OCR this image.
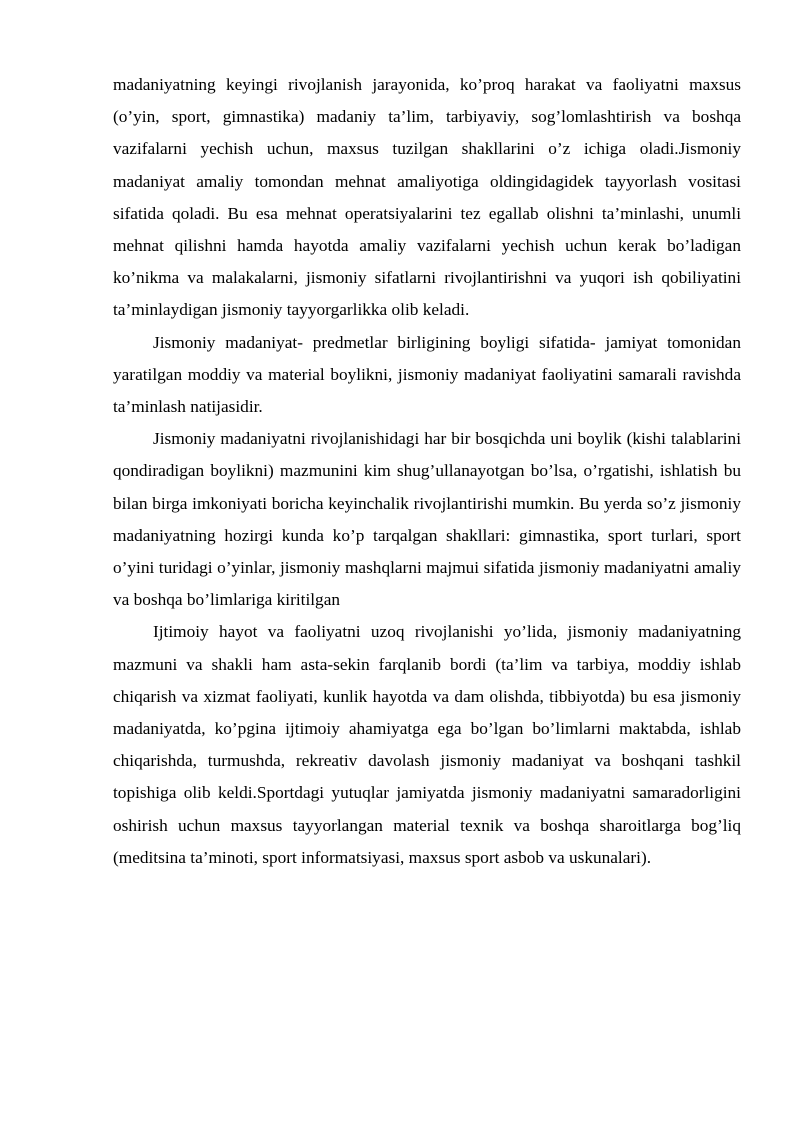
madaniyatning keyingi rivojlanish jarayonida, ko’proq harakat va faoliyatni maxsus (o’yin, sport, gimnastika) madaniy ta’lim, tarbiyaviy, sog’lomlashtirish va boshqa vazifalarni yechish uchun, maxsus tuzilgan shakllarini o’z ichiga oladi.Jismoniy madaniyat amaliy tomondan mehnat amaliyotiga oldingidagidek tayyorlash vositasi sifatida qoladi. Bu esa mehnat operatsiyalarini tez egallab olishni ta’minlashi, unumli mehnat qilishni hamda hayotda amaliy vazifalarni yechish uchun kerak bo’ladigan ko’nikma va malakalarni, jismoniy sifatlarni rivojlantirishni va yuqori ish qobiliyatini ta’minlaydigan jismoniy tayyorgarlikka olib keladi.

Jismoniy madaniyat- predmetlar birligining boyligi sifatida- jamiyat tomonidan yaratilgan moddiy va material boylikni, jismoniy madaniyat faoliyatini samarali ravishda ta’minlash natijasidir.

Jismoniy madaniyatni rivojlanishidagi har bir bosqichda uni boylik (kishi talablarini qondiradigan boylikni) mazmunini kim shug’ullanayotgan bo’lsa, o’rgatishi, ishlatish bu bilan birga imkoniyati boricha keyinchalik rivojlantirishi mumkin. Bu yerda so’z jismoniy madaniyatning hozirgi kunda ko’p tarqalgan shakllari: gimnastika, sport turlari, sport o’yini turidagi o’yinlar, jismoniy mashqlarni majmui sifatida jismoniy madaniyatni amaliy va boshqa bo’limlariga kiritilgan

Ijtimoiy hayot va faoliyatni uzoq rivojlanishi yo’lida, jismoniy madaniyatning mazmuni va shakli ham asta-sekin farqlanib bordi (ta’lim va tarbiya, moddiy ishlab chiqarish va xizmat faoliyati, kunlik hayotda va dam olishda, tibbiyotda) bu esa jismoniy madaniyatda, ko’pgina ijtimoiy ahamiyatga ega bo’lgan bo’limlarni maktabda, ishlab chiqarishda, turmushda, rekreativ davolash jismoniy madaniyat va boshqani tashkil topishiga olib keldi.Sportdagi yutuqlar jamiyatda jismoniy madaniyatni samaradorligini oshirish uchun maxsus tayyorlangan material texnik va boshqa sharoitlarga bog’liq (meditsina ta’minoti, sport informatsiyasi, maxsus sport asbob va uskunalari).
